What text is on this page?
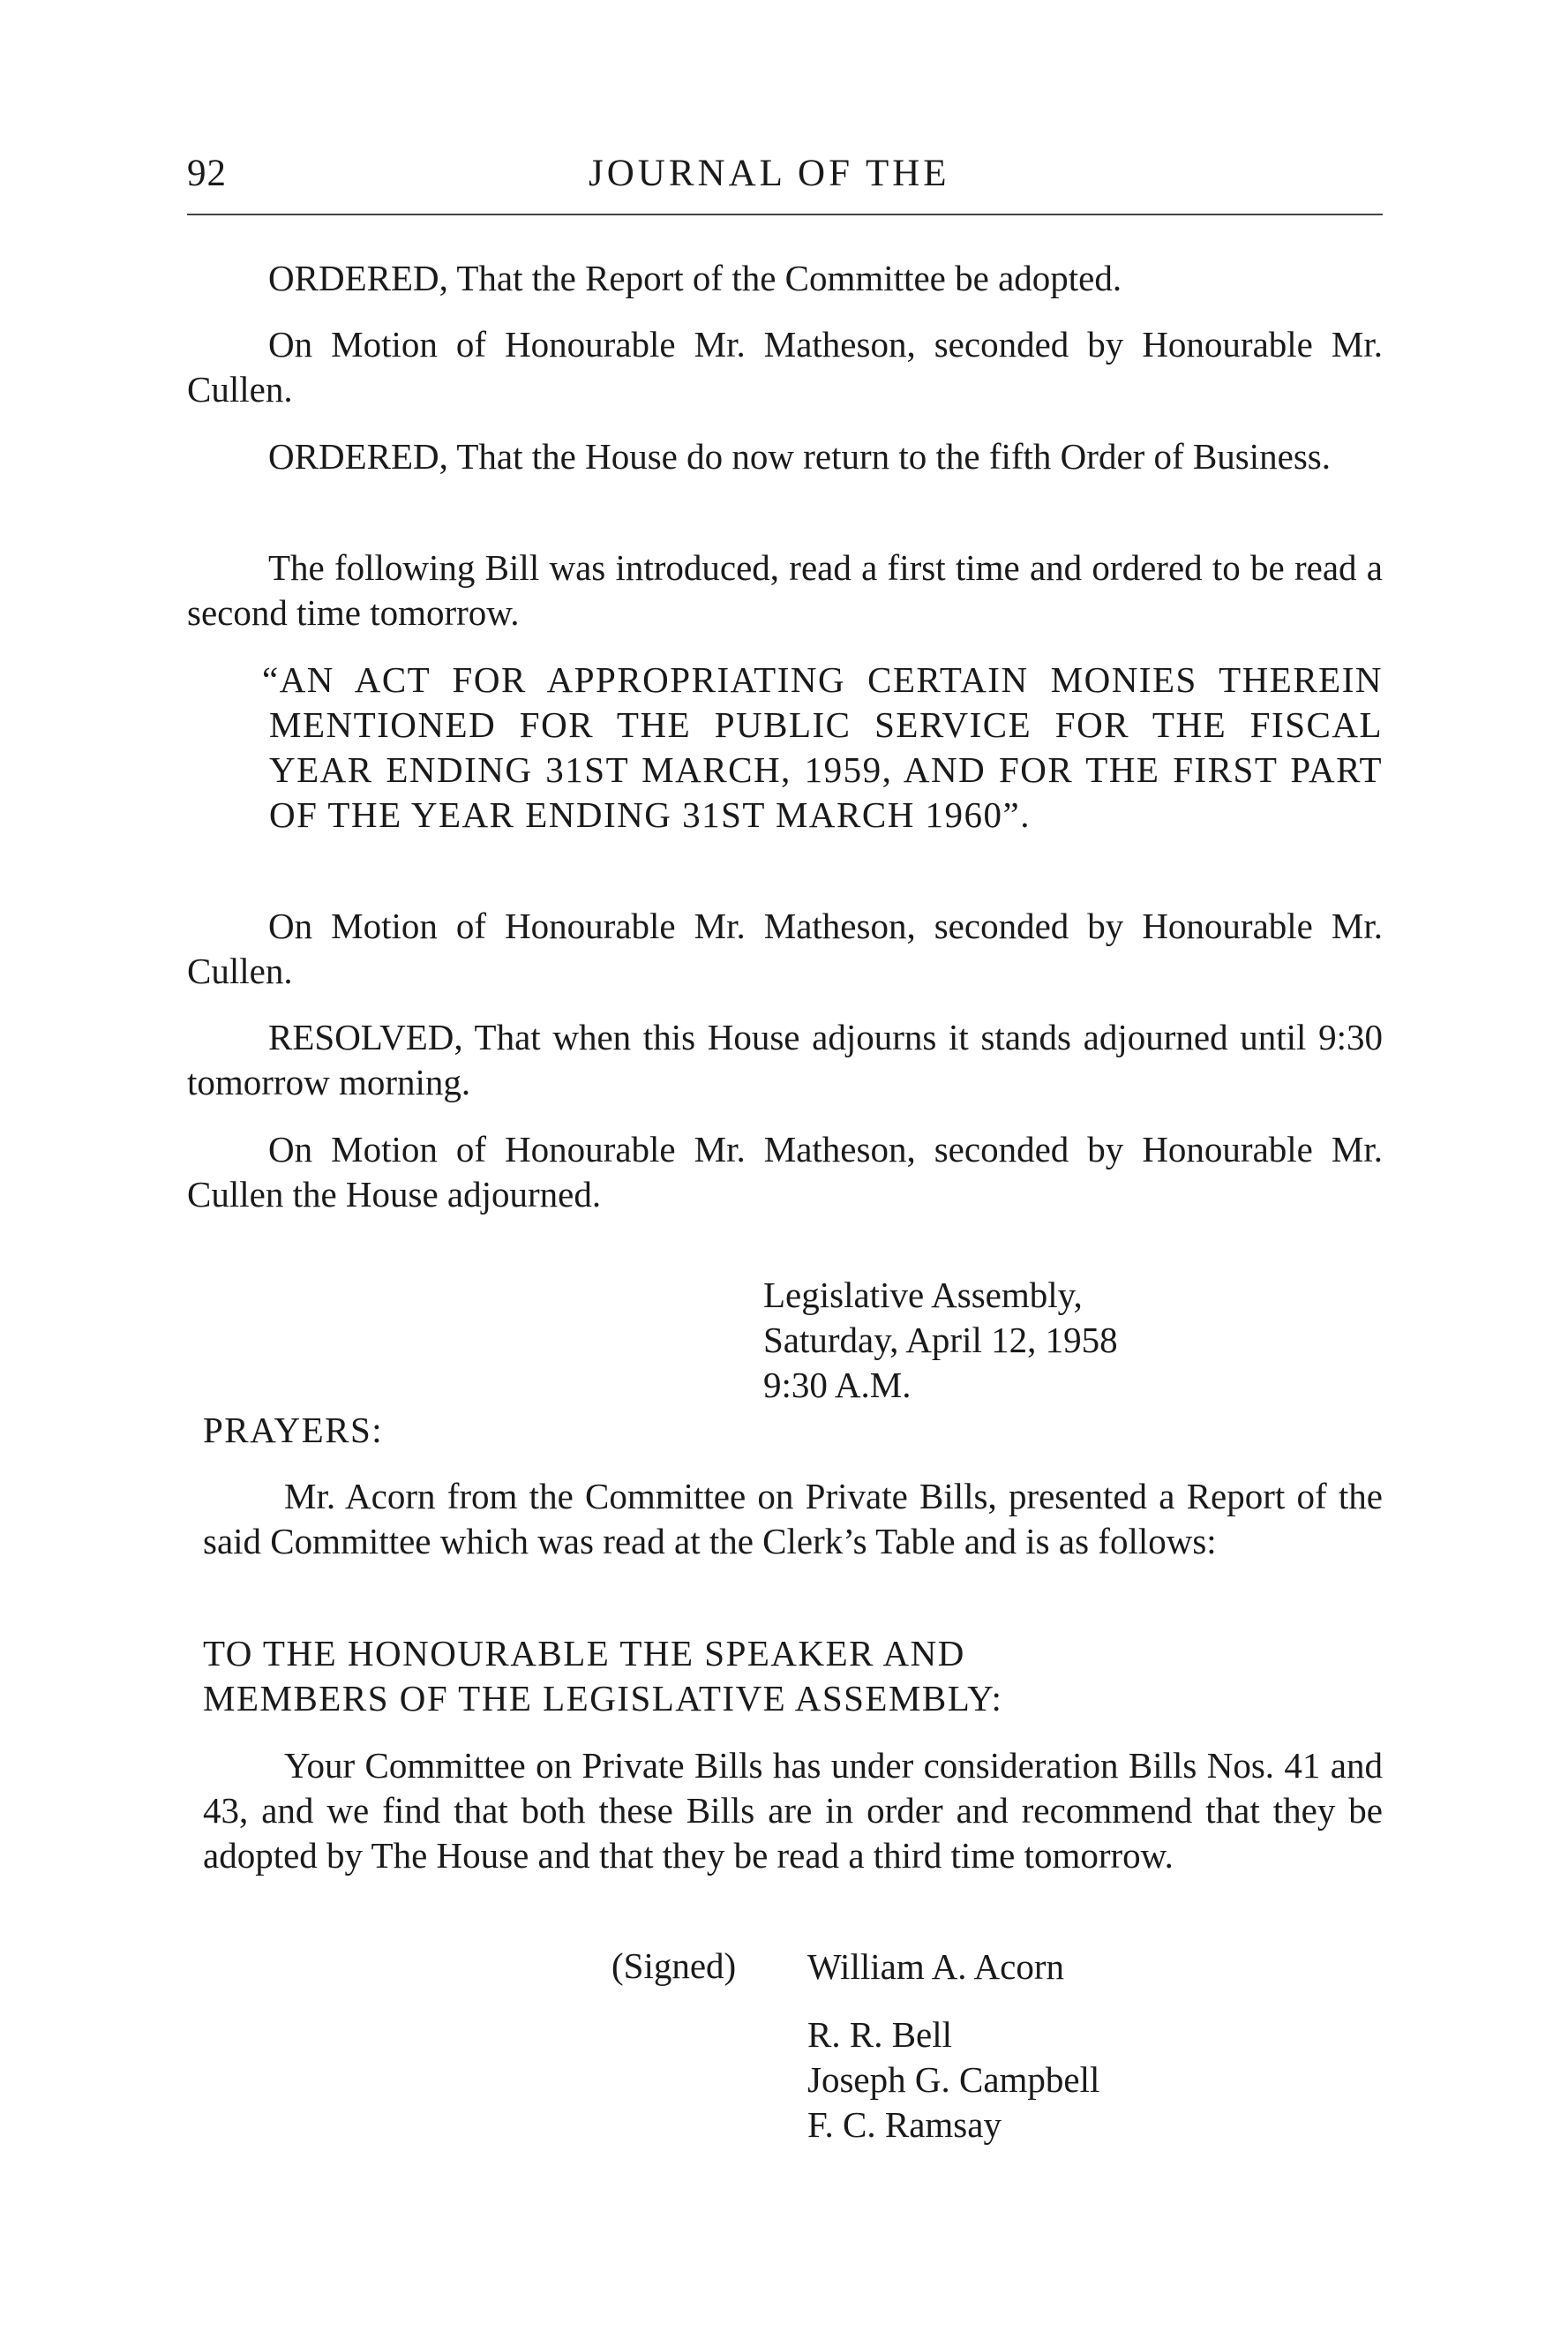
92	JOURNAL OF THE

ORDERED, That the Report of the Committee be adopted.

On Motion of Honourable Mr. Matheson, seconded by Honourable Mr. Cullen.

ORDERED, That the House do now return to the fifth Order of Business.

The following Bill was introduced, read a first time and ordered to be read a second time tomorrow.

“AN ACT FOR APPROPRIATING CERTAIN MONIES THEREIN MENTIONED FOR THE PUBLIC SERVICE FOR THE FISCAL YEAR ENDING 31ST MARCH, 1959, AND FOR THE FIRST PART OF THE YEAR ENDING 31ST MARCH 1960”.

On Motion of Honourable Mr. Matheson, seconded by Honourable Mr. Cullen.

RESOLVED, That when this House adjourns it stands adjourned until 9:30 tomorrow morning.

On Motion of Honourable Mr. Matheson, seconded by Honourable Mr. Cullen the House adjourned.

Legislative Assembly,
Saturday, April 12, 1958
9:30 A.M.
PRAYERS:

Mr. Acorn from the Committee on Private Bills, presented a Report of the said Committee which was read at the Clerk’s Table and is as follows:

TO THE HONOURABLE THE SPEAKER AND
MEMBERS OF THE LEGISLATIVE ASSEMBLY:

Your Committee on Private Bills has under consideration Bills Nos. 41 and 43, and we find that both these Bills are in order and recommend that they be adopted by The House and that they be read a third time tomorrow.

(Signed) William A. Acorn
R. R. Bell
Joseph G. Campbell
F. C. Ramsay
